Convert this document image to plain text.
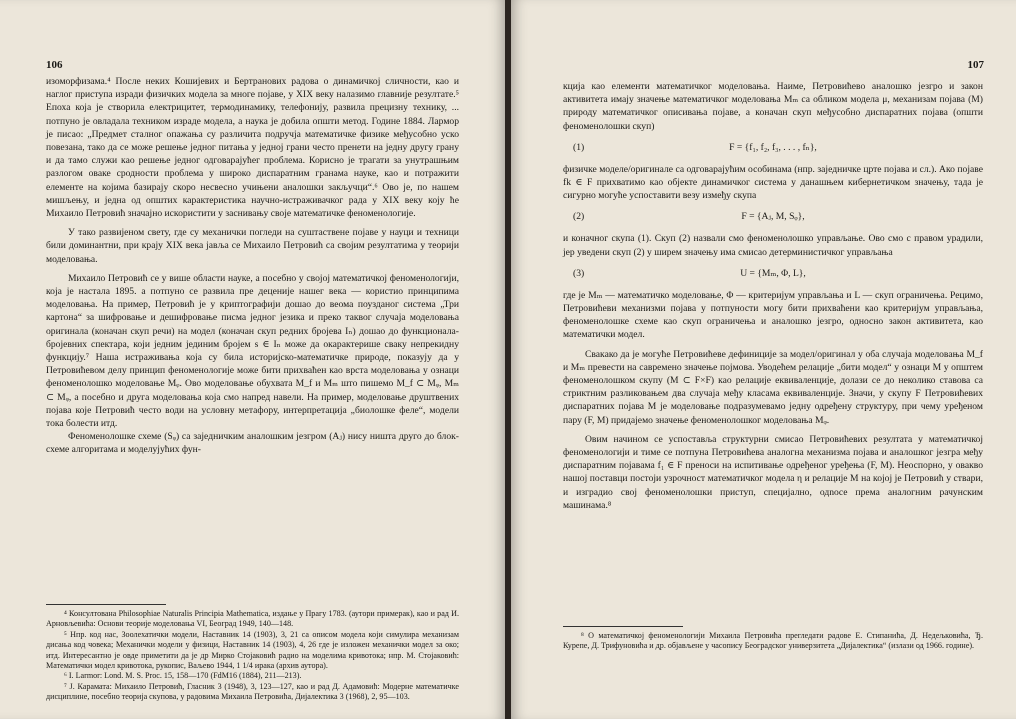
106

изоморфизама.⁴ После неких Кошијевих и Бертранових радова о динамичкој сличности, као и наглог приступа изради физичких модела за многе појаве, у XIX веку налазимо главније резултате.⁵ Епоха која је створила електрицитет, термодинамику, телефонију, развила прецизну технику, ... потпуно је овладала техником израде модела, а наука је добила општи метод. Године 1884. Лармор је писао: „Предмет сталног опажања су различита подручја математичке физике међусобно уско повезана, тако да се може решење једног питања у једној грани често пренети на једну другу грану и да тамо служи као решење једног одговарајућег проблема. Корисно је трагати за унутрашњим разлогом оваке сродности проблема у широко диспаратним гранама науке, као и потражити елементе на којима базирају скоро несвесно учињени аналошки закључци“.⁶ Ово је, по нашем мишљењу, и једна од општих карактеристика научно-истраживачког рада у XIX веку коју ће Михаило Петровић значајно искористити у заснивању своје математичке феноменологије.

У тако развијеном свету, где су механички погледи на суштаствене појаве у науци и техници били доминантни, при крају XIX века јавља се Михаило Петровић са својим резултатима у теорији моделовања.

Михаило Петровић се у више области науке, а посебно у својој математичкој феноменологији, која је настала 1895. а потпуно се развила пре деценије нашег века — користио принципима моделовања. На пример, Петровић је у криптографији дошао до веома поузданог система „Три картона“ за шифровање и дешифровање писма једног језика и преко таквог случаја моделовања оригинала (коначан скуп речи) на модел (коначан скуп редних бројева Iₙ) дошао до функционала-бројевних спектара, који једним јединим бројем s ∈ Iₙ може да окарактерише сваку непрекидну функцију.⁷ Наша истраживања која су била историјско-математичке природе, показују да у Петровићевом делу принцип феноменологије може бити прихваћен као врста моделовања у ознаци феноменолошко моделовање Mᵩ. Ово моделовање обухвата M_f и Mₘ што пишемо M_f ⊂ Mᵩ, Mₘ ⊂ Mᵩ, а посебно и друга моделовања која смо напред навели. На пример, моделовање друштвених појава које Петровић често води на условну метафору, интерпретација „биолошке феле“, модели тока болести итд.

Феноменолошке схеме (Sᵩ) са заједничким аналошким језгром (Aⱼ) нису ништа друго до блок-схеме алгоритама и моделујућих фун-

⁴ Консултована Philosophiae Naturalis Principia Mathematica, издање у Прагу 1783. (аутори примерак), као и рад И. Арновљевића: Основи теорије моделовања VI, Београд 1949, 140—148.

⁵ Нпр. код нас, Зоолехатички модели, Наставник 14 (1903), 3, 21 са описом модела који симулира механизам дисања код човека; Механички модели у физици, Наставник 14 (1903), 4, 26 где је изложен механички модел за око; итд. Интересантно је овде приметити да је др Мирко Стојаковић радио на моделима кривотока; нпр. М. Стојаковић: Математички модел кривотока, рукопис, Ваљево 1944, 1 1/4 ирака (архив аутора).

⁶ I. Larmor: Lond. M. S. Proc. 15, 158—170 (FdM16 (1884), 211—213).

⁷ J. Карамата: Михаило Петровић, Гласник 3 (1948), 3, 123—127, као и рад Д. Адамовић: Модерне математичке дисциплине, посебно теорија скупова, у радовима Михаила Петровића, Дијалектика 3 (1968), 2, 95—103.

107

кција као елементи математичког моделовања. Наиме, Петровићево аналошко језгро и закон активитета имају значење математичког моделовања Mₘ са обликом модела μ, механизам појава (M) природу математичког описивања појаве, а коначан скуп међусобно диспаратних појава (општи феноменолошки скуп)

(1)	F = {f₁, f₂, f₃, . . . , fₙ},

физичке моделе/оригинале са одговарајућим особинама (нпр. заједничке црте појава и сл.). Ако појаве fk ∈ F прихватимо као објекте динамичког система у данашњем кибернетичком значењу, тада је сигурно могуће успоставити везу између скупа

(2)	F = {Aⱼ, M, Sᵩ},

и коначног скупа (1). Скуп (2) назвали смо феноменолошко управљање. Ово смо с правом урадили, јер уведени скуп (2) у ширем значењу има смисао детерминистичког управљања

(3)	U = {Mₘ, Φ, L},

где је Mₘ — математичко моделовање, Φ — критеријум управљања и L — скуп ограничења. Рецимо, Петровићеви механизми појава у потпуности могу бити прихваћени као критеријум управљања, феноменолошке схеме као скуп ограничења и аналошко језгро, односно закон активитета, као математички модел.

Свакако да је могуће Петровићеве дефиниције за модел/оригинал у оба случаја моделовања M_f и Mₘ превести на савремено значење појмова. Уводећем релације „бити модел“ у ознаци M у општем феноменолошком скупу (M ⊂ F×F) као релације еквиваленције, долази се до неколико ставова са стриктним разликовањем два случаја међу класама еквиваленције. Значи, у скупу F Петровићевих диспаратних појава M је моделовање подразумевамо једну одређену структуру, при чему уређеном пару (F, M) придајемо значење феноменолошког моделовања Mᵩ.

Овим начином се успоставља структурни смисао Петровићевих резултата у математичкој феноменологији и тиме се потпуна Петровићева аналогна механизма појава и аналошког језгра међу диспаратним појавама f₁ ∈ F преноси на испитивање одређеног уређења (F, M). Неоспорно, у овакво нашој поставци постоји узрочност математичког модела η и релације M на којој је Петровић у ствари, и изградио свој феноменолошки приступ, специјално, одnoсе према аналогним рачунским машинама.⁸

⁸ О математичкој феноменологији Михаила Петровића прегледати радове Е. Стипанића, Д. Недељковића, Ђ. Курепе, Д. Трифуновића и др. објављене у часопису Београдског универзитета „Дијалектика“ (излази од 1966. године).
